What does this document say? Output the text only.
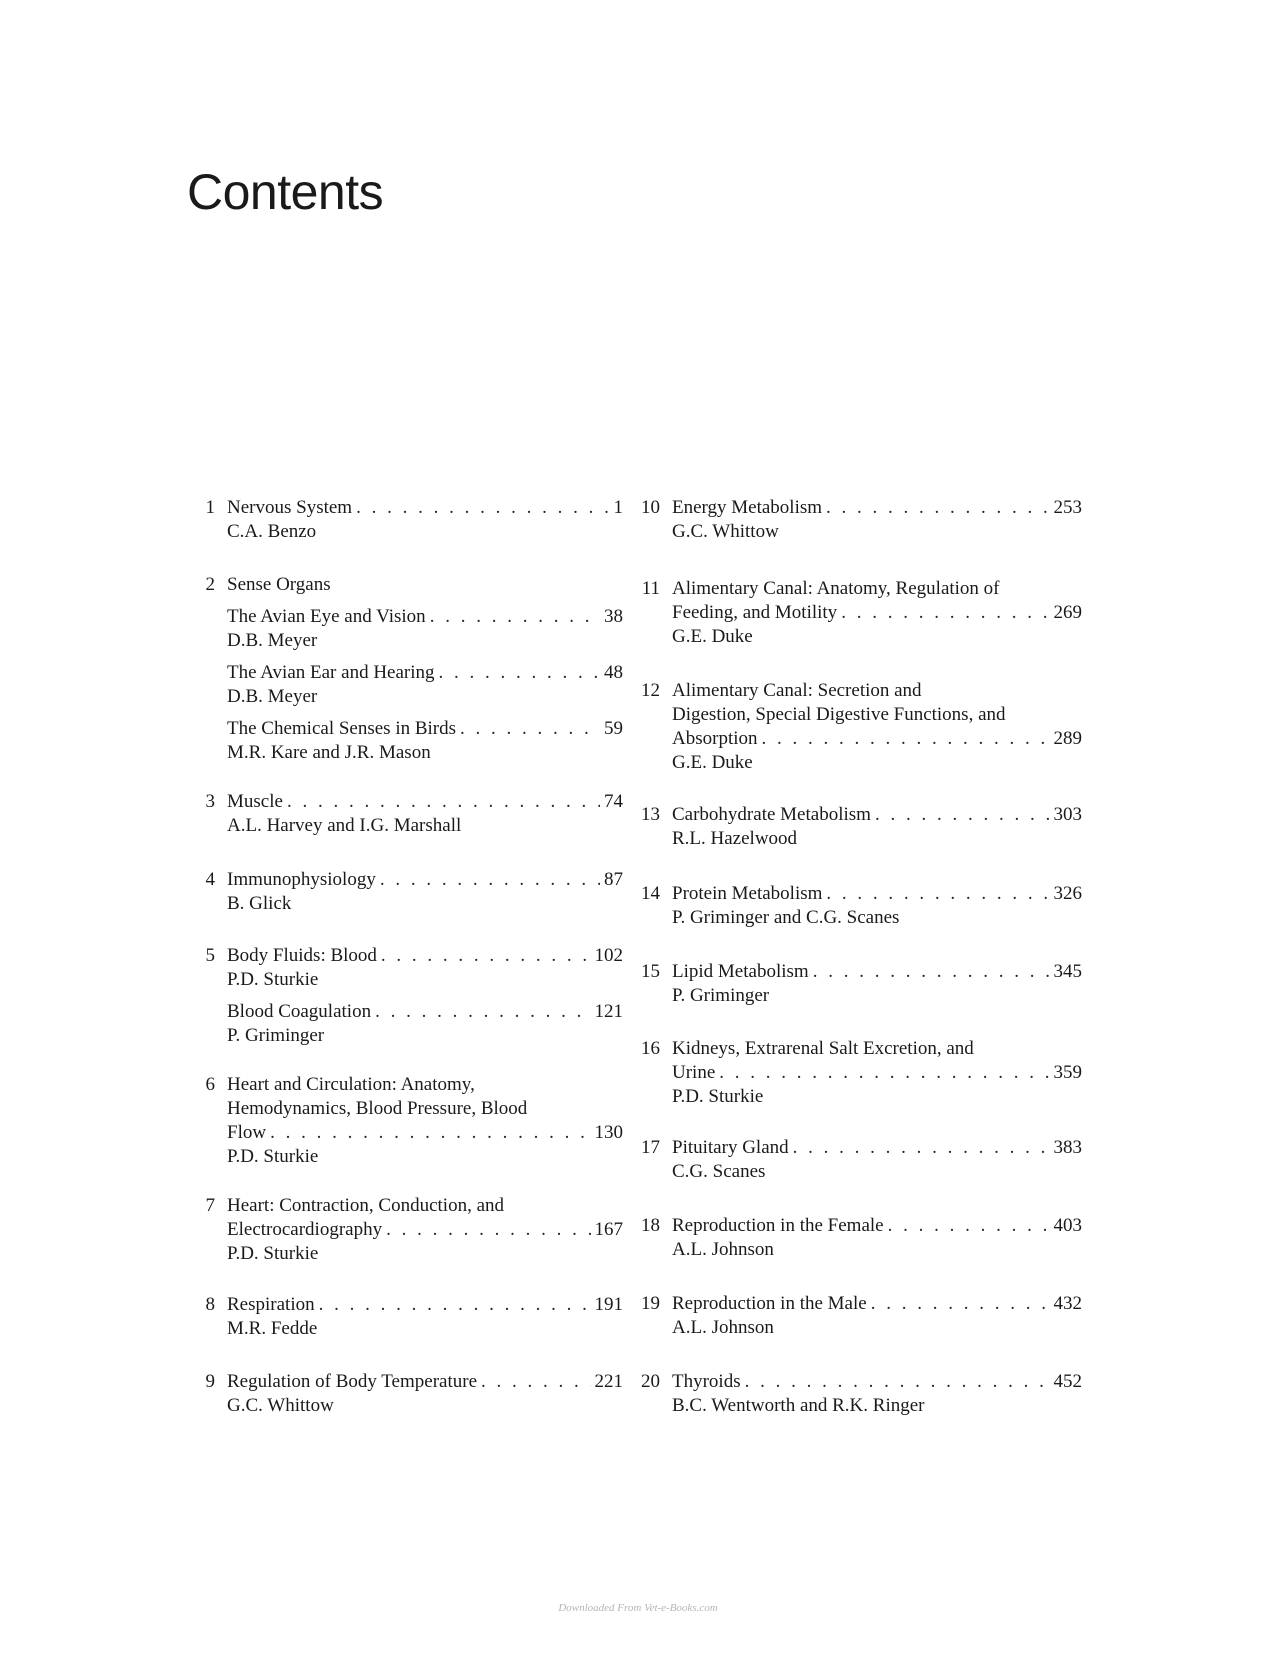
Contents
1 Nervous System . . .	1
C.A. Benzo
2 Sense Organs
The Avian Eye and Vision . . .	38
D.B. Meyer
The Avian Ear and Hearing . . .	48
D.B. Meyer
The Chemical Senses in Birds . . .	59
M.R. Kare and J.R. Mason
3 Muscle . . .	74
A.L. Harvey and I.G. Marshall
4 Immunophysiology . . .	87
B. Glick
5 Body Fluids: Blood . . .	102
P.D. Sturkie
Blood Coagulation . . .	121
P. Griminger
6 Heart and Circulation: Anatomy,
Hemodynamics, Blood Pressure, Blood
Flow . . .	130
P.D. Sturkie
7 Heart: Contraction, Conduction, and
Electrocardiography . . .	167
P.D. Sturkie
8 Respiration . . .	191
M.R. Fedde
9 Regulation of Body Temperature . . .	221
G.C. Whittow
10 Energy Metabolism . . .	253
G.C. Whittow
11 Alimentary Canal: Anatomy, Regulation of
Feeding, and Motility . . .	269
G.E. Duke
12 Alimentary Canal: Secretion and
Digestion, Special Digestive Functions, and
Absorption . . .	289
G.E. Duke
13 Carbohydrate Metabolism . . .	303
R.L. Hazelwood
14 Protein Metabolism . . .	326
P. Griminger and C.G. Scanes
15 Lipid Metabolism . . .	345
P. Griminger
16 Kidneys, Extrarenal Salt Excretion, and
Urine . . .	359
P.D. Sturkie
17 Pituitary Gland . . .	383
C.G. Scanes
18 Reproduction in the Female . . .	403
A.L. Johnson
19 Reproduction in the Male . . .	432
A.L. Johnson
20 Thyroids . . .	452
B.C. Wentworth and R.K. Ringer
Downloaded From Vet-e-Books.com
